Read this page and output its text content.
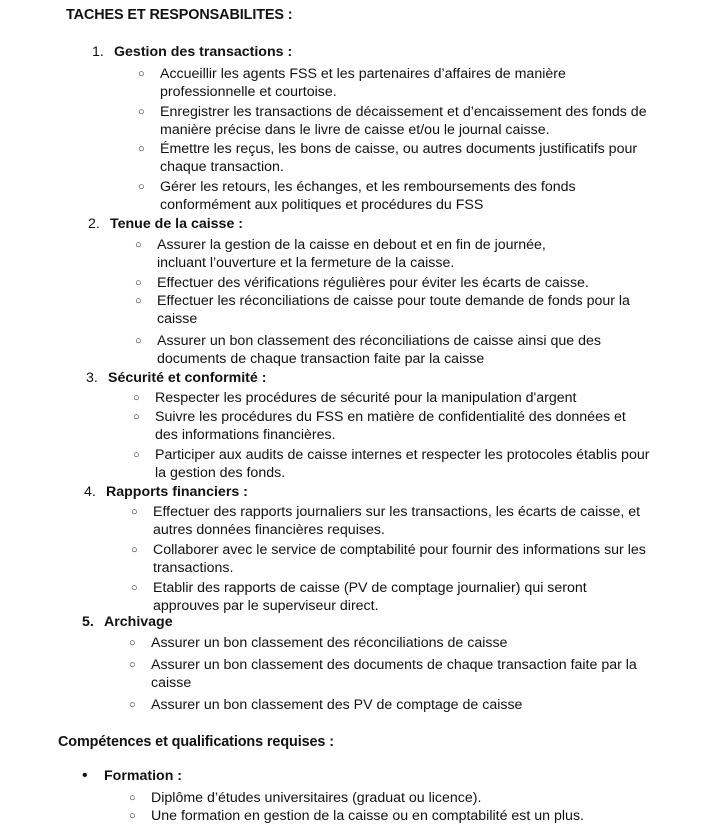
TACHES ET RESPONSABILITES :
1. Gestion des transactions :
○ Accueillir les agents FSS et les partenaires d’affaires de manière professionnelle et courtoise.
○ Enregistrer les transactions de décaissement et d’encaissement des fonds de manière précise dans le livre de caisse et/ou le journal caisse.
○ Émettre les reçus, les bons de caisse, ou autres documents justificatifs pour chaque transaction.
○ Gérer les retours, les échanges, et les remboursements des fonds conformément aux politiques et procédures du FSS
2. Tenue de la caisse :
○ Assurer la gestion de la caisse en debout et en fin de journée, incluant l’ouverture et la fermeture de la caisse.
○ Effectuer des vérifications régulières pour éviter les écarts de caisse.
○ Effectuer les réconciliations de caisse pour toute demande de fonds pour la caisse
○ Assurer un bon classement des réconciliations de caisse ainsi que des documents de chaque transaction faite par la caisse
3. Sécurité et conformité :
○ Respecter les procédures de sécurité pour la manipulation d'argent
○ Suivre les procédures du FSS en matière de confidentialité des données et des informations financières.
○ Participer aux audits de caisse internes et respecter les protocoles établis pour la gestion des fonds.
4. Rapports financiers :
○ Effectuer des rapports journaliers sur les transactions, les écarts de caisse, et autres données financières requises.
○ Collaborer avec le service de comptabilité pour fournir des informations sur les transactions.
○ Etablir des rapports de caisse (PV de comptage journalier) qui seront approuves par le superviseur direct.
5. Archivage
○ Assurer un bon classement des réconciliations de caisse
○ Assurer un bon classement des documents de chaque transaction faite par la caisse
○ Assurer un bon classement des PV de comptage de caisse
Compétences et qualifications requises :
• Formation :
○ Diplôme d’études universitaires (graduat ou licence).
○ Une formation en gestion de la caisse ou en comptabilité est un plus.
